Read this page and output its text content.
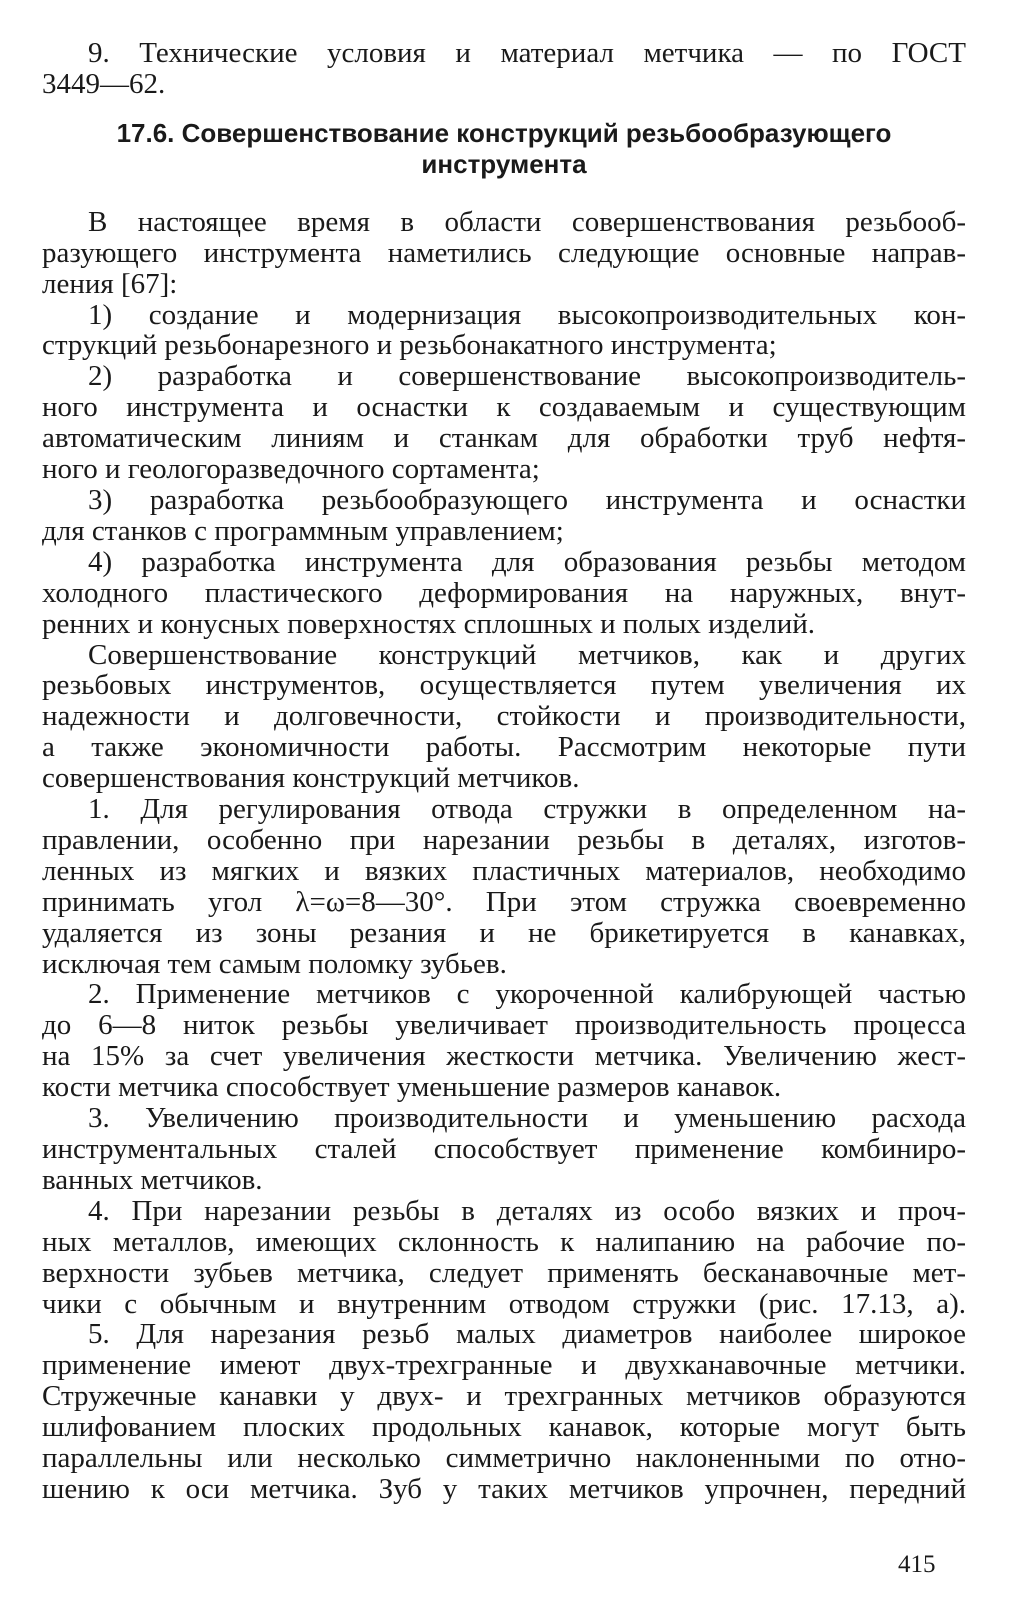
9. Технические условия и материал метчика — по ГОСТ
3449—62.

17.6. Совершенствование конструкций резьбообразующего
инструмента

В настоящее время в области совершенствования резьбооб-
разующего инструмента наметились следующие основные направ-
ления [67]:

1) создание и модернизация высокопроизводительных кон-
струкций резьбонарезного и резьбонакатного инструмента;

2) разработка и совершенствование высокопроизводитель-
ного инструмента и оснастки к создаваемым и существующим
автоматическим линиям и станкам для обработки труб нефтя-
ного и геологоразведочного сортамента;

3) разработка резьбообразующего инструмента и оснастки
для станков с программным управлением;

4) разработка инструмента для образования резьбы методом
холодного пластического деформирования на наружных, внут-
ренних и конусных поверхностях сплошных и полых изделий.

Совершенствование конструкций метчиков, как и других
резьбовых инструментов, осуществляется путем увеличения их
надежности и долговечности, стойкости и производительности,
а также экономичности работы. Рассмотрим некоторые пути
совершенствования конструкций метчиков.

1. Для регулирования отвода стружки в определенном на-
правлении, особенно при нарезании резьбы в деталях, изготов-
ленных из мягких и вязких пластичных материалов, необходимо
принимать угол λ=ω=8—30°. При этом стружка своевременно
удаляется из зоны резания и не брикетируется в канавках,
исключая тем самым поломку зубьев.

2. Применение метчиков с укороченной калибрующей частью
до 6—8 ниток резьбы увеличивает производительность процесса
на 15% за счет увеличения жесткости метчика. Увеличению жест-
кости метчика способствует уменьшение размеров канавок.

3. Увеличению производительности и уменьшению расхода
инструментальных сталей способствует применение комбиниро-
ванных метчиков.

4. При нарезании резьбы в деталях из особо вязких и проч-
ных металлов, имеющих склонность к налипанию на рабочие по-
верхности зубьев метчика, следует применять бесканавочные мет-
чики с обычным и внутренним отводом стружки (рис. 17.13, а).

5. Для нарезания резьб малых диаметров наиболее широкое
применение имеют двух-трехгранные и двухканавочные метчики.
Стружечные канавки у двух- и трехгранных метчиков образуются
шлифованием плоских продольных канавок, которые могут быть
параллельны или несколько симметрично наклоненными по отно-
шению к оси метчика. Зуб у таких метчиков упрочнен, передний

415
